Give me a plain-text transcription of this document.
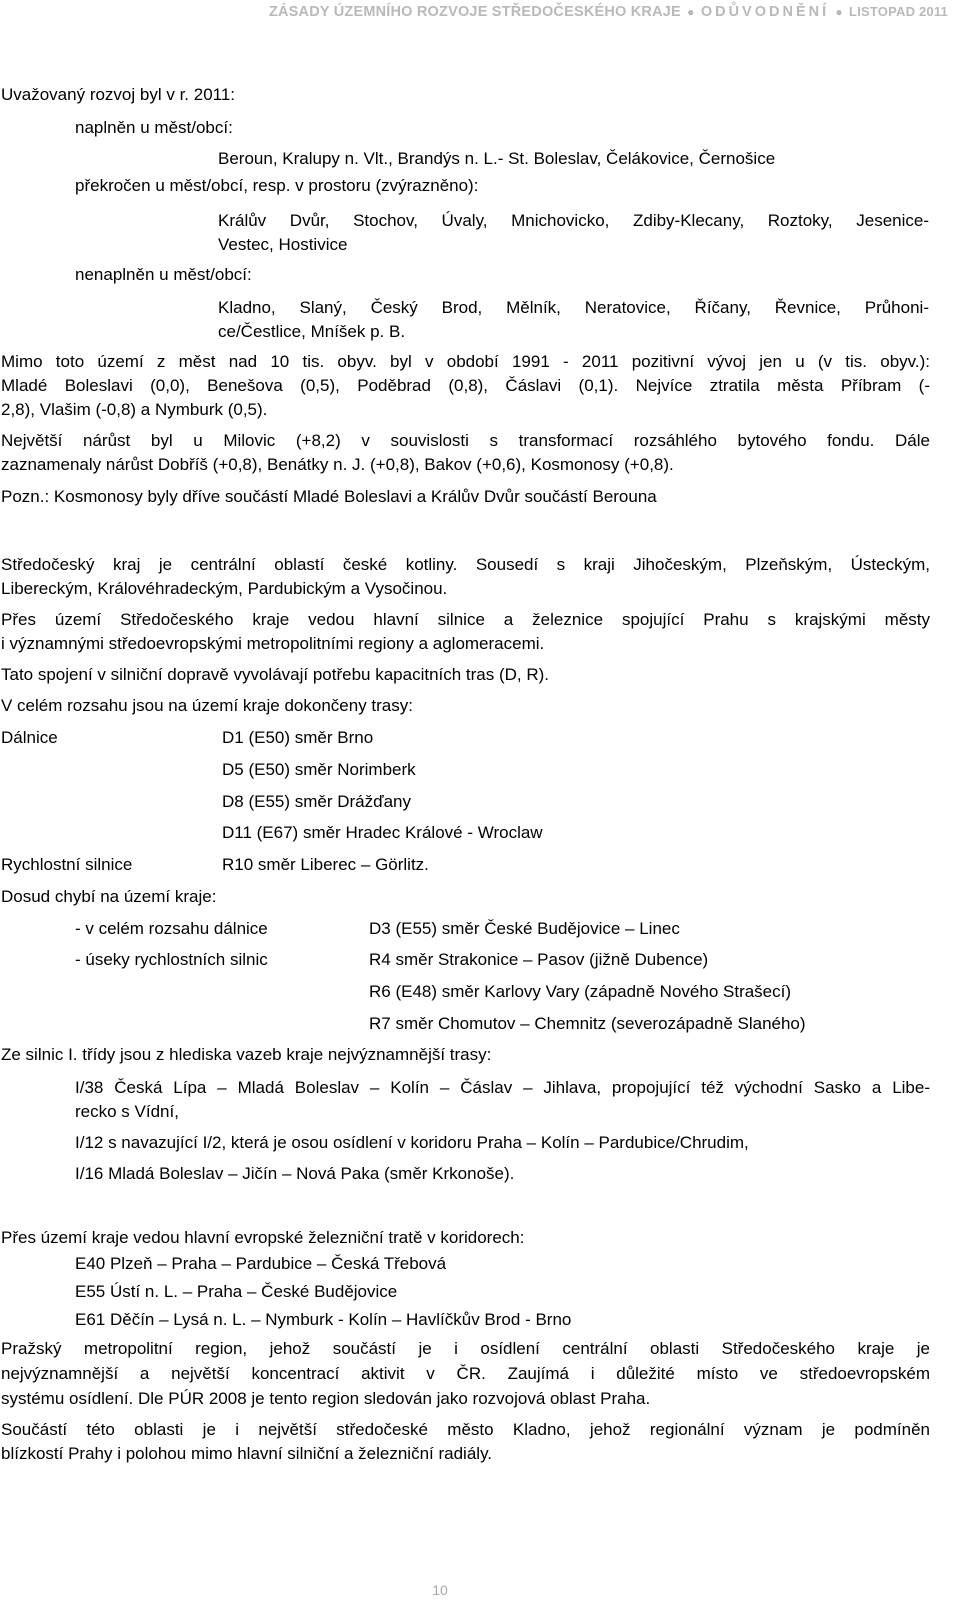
ZÁSADY ÚZEMNÍHO ROZVOJE STŘEDOČESKÉHO KRAJE ● ODŮVODNĚNÍ ● LISTOPAD 2011
Uvažovaný rozvoj byl v r. 2011:
naplněn u měst/obcí:
Beroun, Kralupy n. Vlt., Brandýs n. L.- St. Boleslav, Čelákovice, Černošice
překročen u měst/obcí, resp. v prostoru (zvýrazněno):
Králův Dvůr, Stochov, Úvaly, Mnichovicko, Zdiby-Klecany, Roztoky, Jesenice-
Vestec, Hostivice
nenaplněn u měst/obcí:
Kladno, Slaný, Český Brod, Mělník, Neratovice, Říčany, Řevnice, Průhoni-
ce/Čestlice, Mníšek p. B.
Mimo toto území z měst nad 10 tis. obyv. byl v období 1991 - 2011 pozitivní vývoj jen u (v tis. obyv.):
Mladé Boleslavi (0,0), Benešova (0,5), Poděbrad (0,8), Čáslavi (0,1). Nejvíce ztratila města Příbram (-
2,8), Vlašim (-0,8) a Nymburk (0,5).
Největší nárůst byl u Milovic (+8,2) v souvislosti s transformací rozsáhlého bytového fondu. Dále
zaznamenaly nárůst Dobříš (+0,8), Benátky n. J. (+0,8), Bakov (+0,6), Kosmonosy (+0,8).
Pozn.: Kosmonosy byly dříve součástí Mladé Boleslavi a Králův Dvůr součástí Berouna
Středočeský kraj je centrální oblastí české kotliny. Sousedí s kraji Jihočeským, Plzeňským, Ústeckým,
Libereckým, Královéhradeckým, Pardubickým a Vysočinou.
Přes území Středočeského kraje vedou hlavní silnice a železnice spojující Prahu s krajskými městy
i významnými středoevropskými metropolitními regiony a aglomeracemi.
Tato spojení v silniční dopravě vyvolávají potřebu kapacitních tras (D, R).
V celém rozsahu jsou na území kraje dokončeny trasy:
Dálnice	D1 (E50) směr Brno
D5 (E50) směr Norimberk
D8 (E55) směr Drážďany
D11 (E67) směr Hradec Králové - Wroclaw
Rychlostní silnice	R10 směr Liberec – Görlitz.
Dosud chybí na území kraje:
- v celém rozsahu dálnice	D3 (E55) směr České Budějovice – Linec
- úseky rychlostních silnic	R4 směr Strakonice – Pasov (jižně Dubence)
R6 (E48) směr Karlovy Vary (západně Nového Strašecí)
R7 směr Chomutov – Chemnitz (severozápadně Slaného)
Ze silnic I. třídy jsou z hlediska vazeb kraje nejvýznamnější trasy:
I/38 Česká Lípa – Mladá Boleslav – Kolín – Čáslav – Jihlava, propojující též východní Sasko a Libe-
recko s Vídní,
I/12 s navazující I/2, která je osou osídlení v koridoru Praha – Kolín – Pardubice/Chrudim,
I/16 Mladá Boleslav – Jičín – Nová Paka (směr Krkonoše).
Přes území kraje vedou hlavní evropské železniční tratě v koridorech:
E40 Plzeň – Praha – Pardubice – Česká Třebová
E55 Ústí n. L. – Praha – České Budějovice
E61 Děčín – Lysá n. L. – Nymburk - Kolín – Havlíčkův Brod - Brno
Pražský metropolitní region, jehož součástí je i osídlení centrální oblasti Středočeského kraje je
nejvýznamnější a největší koncentrací aktivit v ČR. Zaujímá i důležité místo ve středoevropském
systému osídlení. Dle PÚR 2008 je tento region sledován jako rozvojová oblast Praha.
Součástí této oblasti je i největší středočeské město Kladno, jehož regionální význam je podmíněn
blízkostí Prahy i polohou mimo hlavní silniční a železniční radiály.
10
